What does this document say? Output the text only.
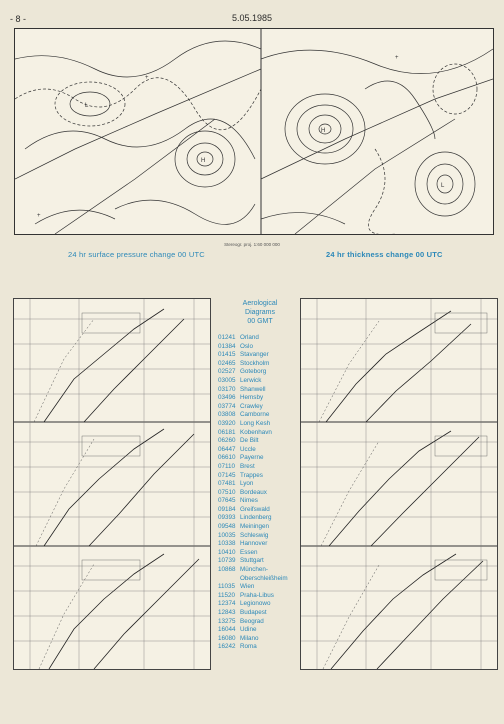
- 8 -	5.05.1985
L
H
H
L
+
+
+
Stereogr. proj. 1:60 000 000
24 hr surface pressure change 00 UTC	24 hr thickness change 00 UTC
Aerological
Diagrams
00 GMT
01241 Orland
01384 Oslo
01415 Stavanger
02465 Stockholm
02527 Goteborg
03005 Lerwick
03170 Shanwell
03496 Hemsby
03774 Crawley
03808 Camborne
03920 Long Kesh
06181 Kobenhavn
06260 De Bilt
06447 Uccle
06610 Payerne
07110 Brest
07145 Trappes
07481 Lyon
07510 Bordeaux
07645 Nimes
09184 Greifswald
09393 Lindenberg
09548 Meiningen
10035 Schleswig
10338 Hannover
10410 Essen
10739 Stuttgart
10868 München-
Oberschleißheim
11035 Wien
11520 Praha-Libus
12374 Legionowo
12843 Budapest
13275 Beograd
16044 Udine
16080 Milano
16242 Roma
